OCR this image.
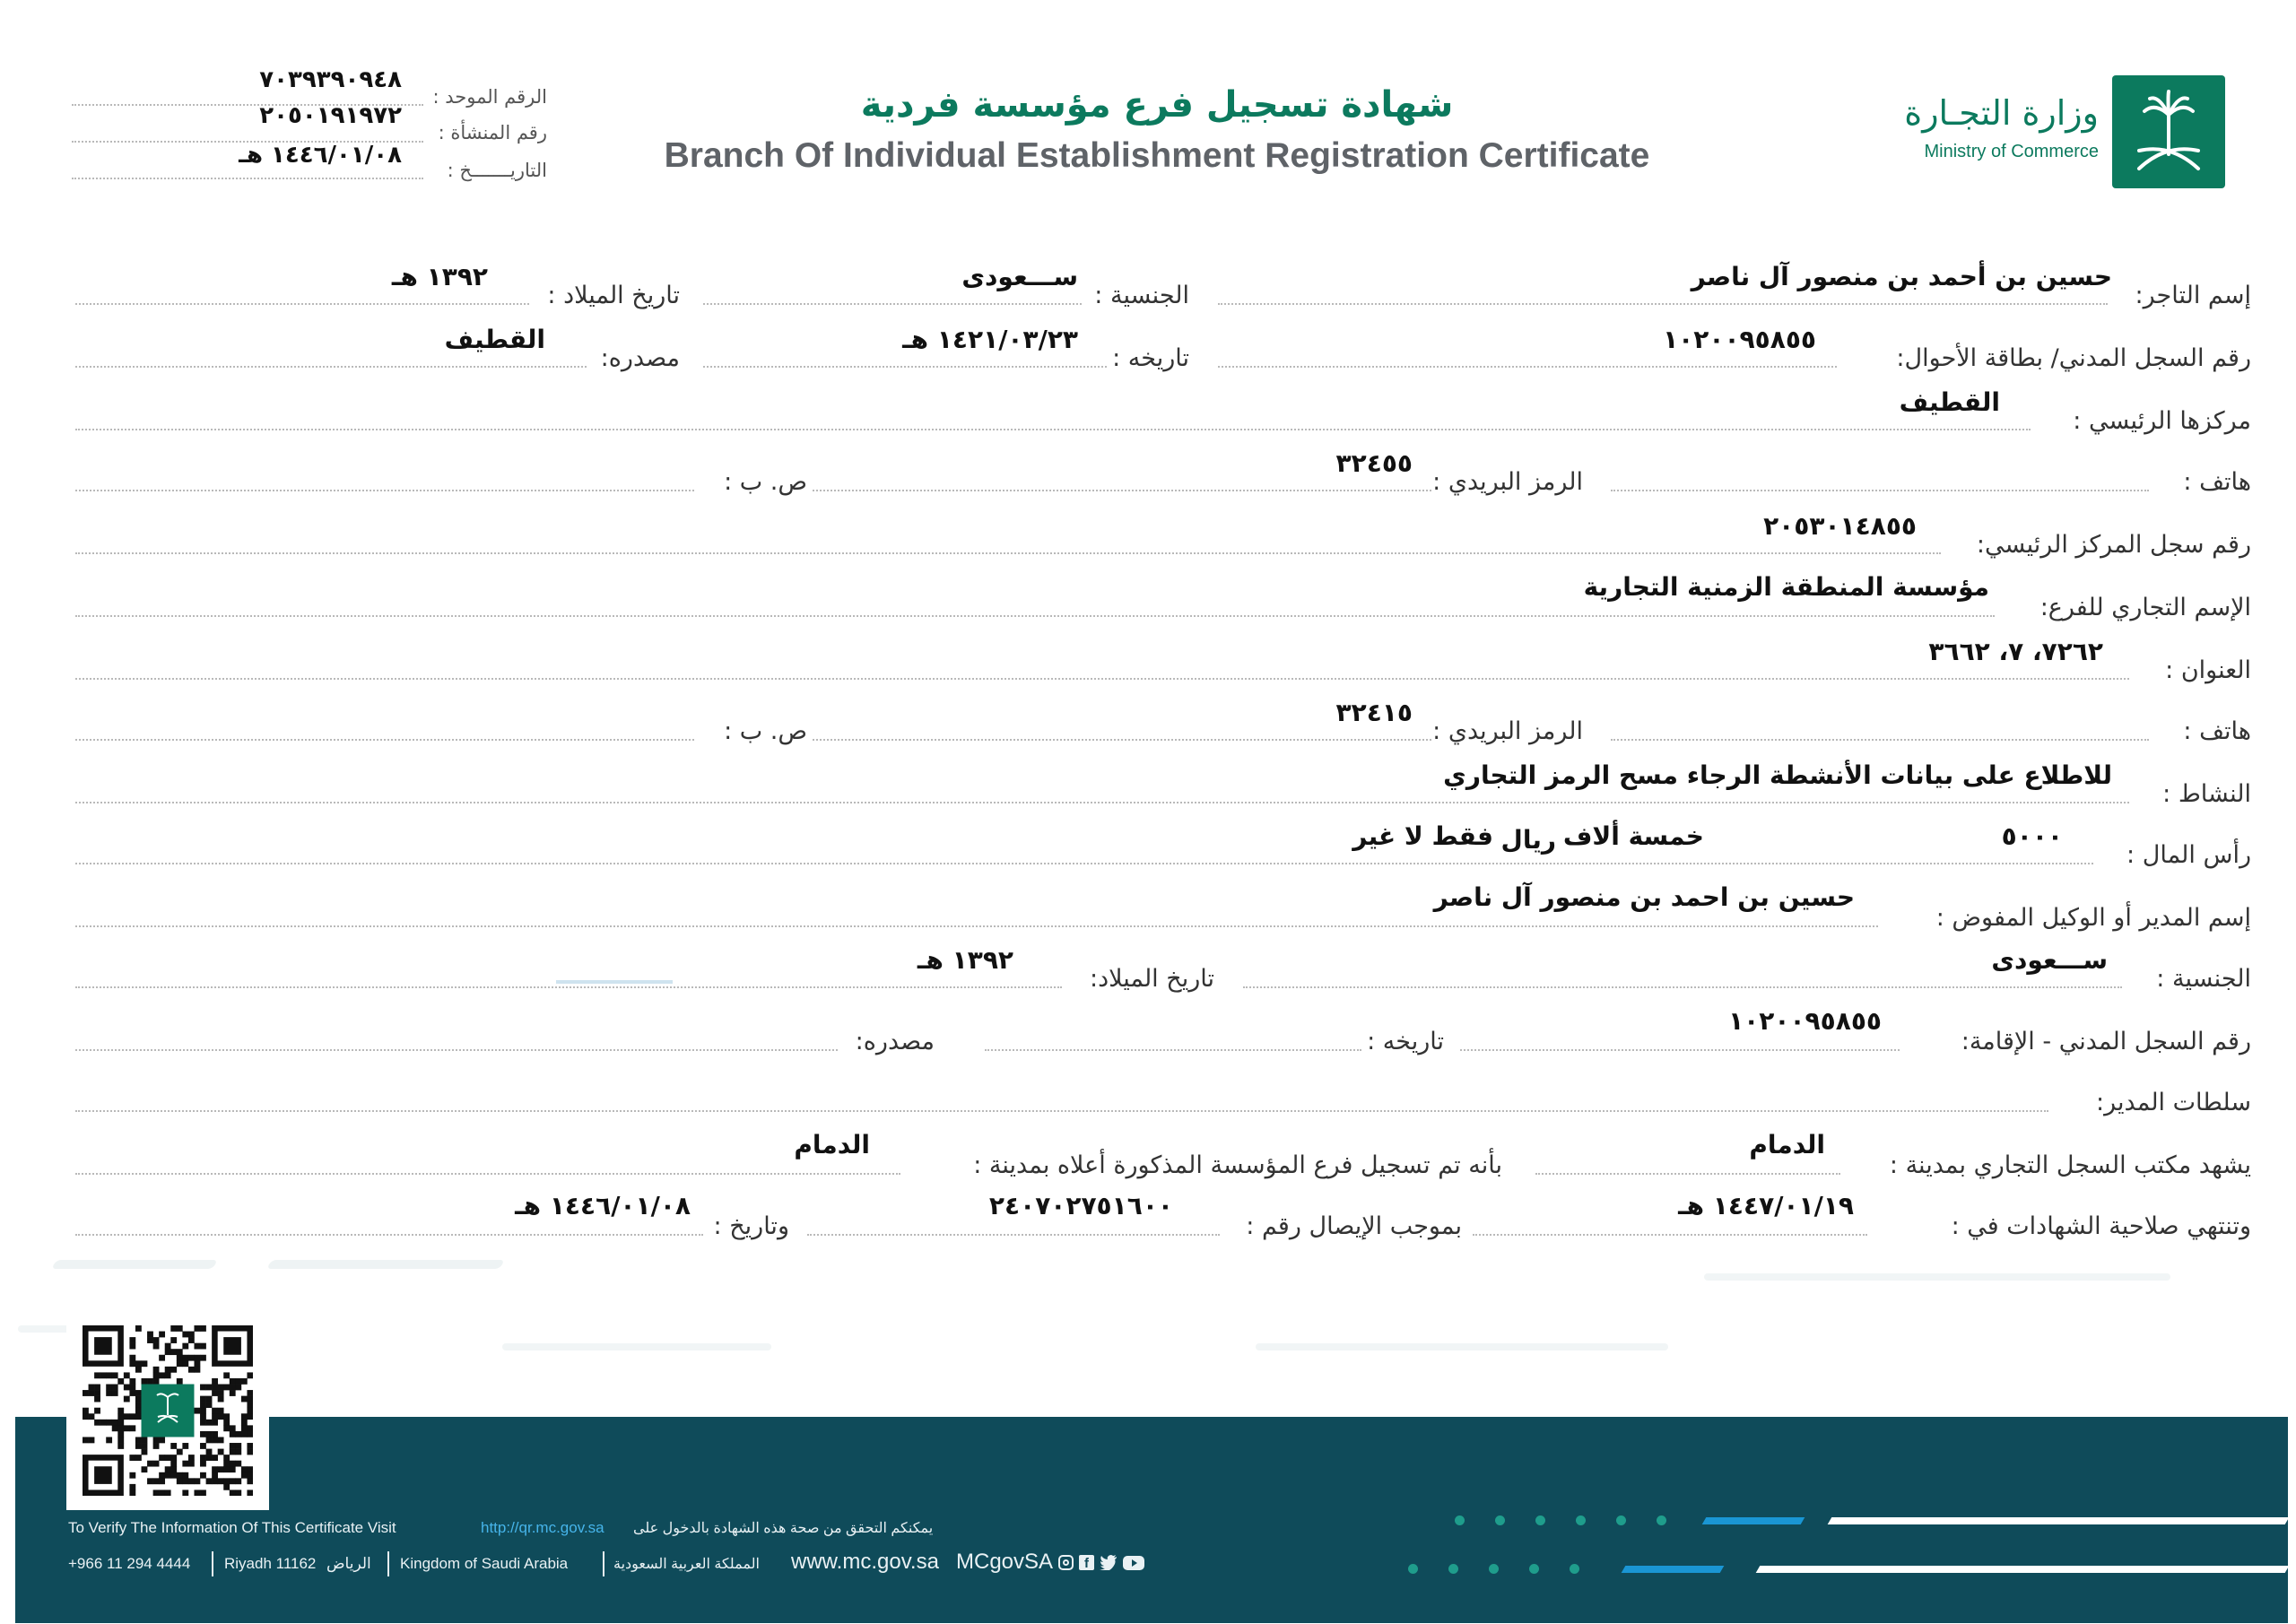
وزارة التجـارة
Ministry of Commerce
شهادة تسجيل فرع مؤسسة فردية
Branch Of Individual Establishment Registration Certificate
الرقم الموحد :
٧٠٣٩٣٩٠٩٤٨
رقم المنشأة :
٢٠٥٠١٩١٩٧٢
التاريـــــــخ :
١٤٤٦/٠١/٠٨ هـ
إسم التاجر:
حسين بن أحمد بن منصور آل ناصر
الجنسية :
ســـعودى
تاريخ الميلاد :
١٣٩٢ هـ
رقم السجل المدني/ بطاقة الأحوال:
١٠٢٠٠٩٥٨٥٥
تاريخه :
١٤٢١/٠٣/٢٣ هـ
مصدره:
القطيف
مركزها الرئيسي :
القطيف
هاتف :
الرمز البريدي :
٣٢٤٥٥
ص. ب :
رقم سجل المركز الرئيسي:
٢٠٥٣٠١٤٨٥٥
الإسم التجاري للفرع:
مؤسسة المنطقة الزمنية التجارية
العنوان :
٧٢٦٢، ٧، ٣٦٦٢
هاتف :
الرمز البريدي :
٣٢٤١٥
ص. ب :
النشاط :
للاطلاع على بيانات الأنشطة الرجاء مسح الرمز التجاري
رأس المال :
٥٠٠٠
خمسة ألاف
ريال
فقط لا غير
إسم المدير أو الوكيل المفوض :
حسين بن احمد بن منصور آل ناصر
الجنسية :
ســـعودى
تاريخ الميلاد:
١٣٩٢ هـ
رقم السجل المدني - الإقامة:
١٠٢٠٠٩٥٨٥٥
تاريخه :
مصدره:
سلطات المدير:
يشهد مكتب السجل التجاري بمدينة :
الدمام
بأنه تم تسجيل فرع المؤسسة المذكورة أعلاه بمدينة :
الدمام
وتنتهي صلاحية الشهادات في :
١٤٤٧/٠١/١٩ هـ
بموجب الإيصال رقم :
٢٤٠٧٠٢٧٥١٦٠٠
وتاريخ :
١٤٤٦/٠١/٠٨ هـ
To Verify The Information Of This Certificate Visit	http://qr.mc.gov.sa يمكنكم التحقق من صحة هذه الشهادة بالدخول على
+966 11 294 4444 Riyadh 11162 الرياض Kingdom of Saudi Arabia	المملكة العربية السعودية www.mc.gov.sa MCgovSA	f
